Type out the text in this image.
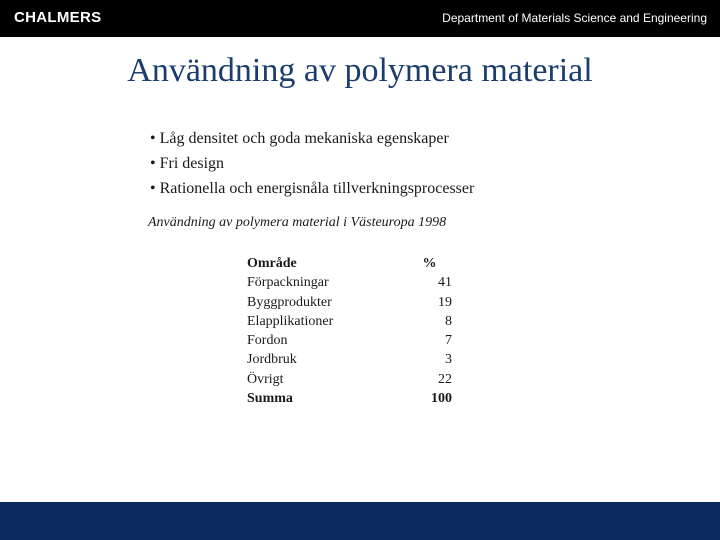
CHALMERS	Department of Materials Science and Engineering
Användning av polymera material
• Låg densitet och goda mekaniska egenskaper
• Fri design
• Rationella och energisnåla tillverkningsprocesser
Användning av polymera material i Västeuropa 1998
Område	%
Förpackningar	41
Byggprodukter	19
Elapplikationer	8
Fordon	7
Jordbruk	3
Övrigt	22
Summa	100
